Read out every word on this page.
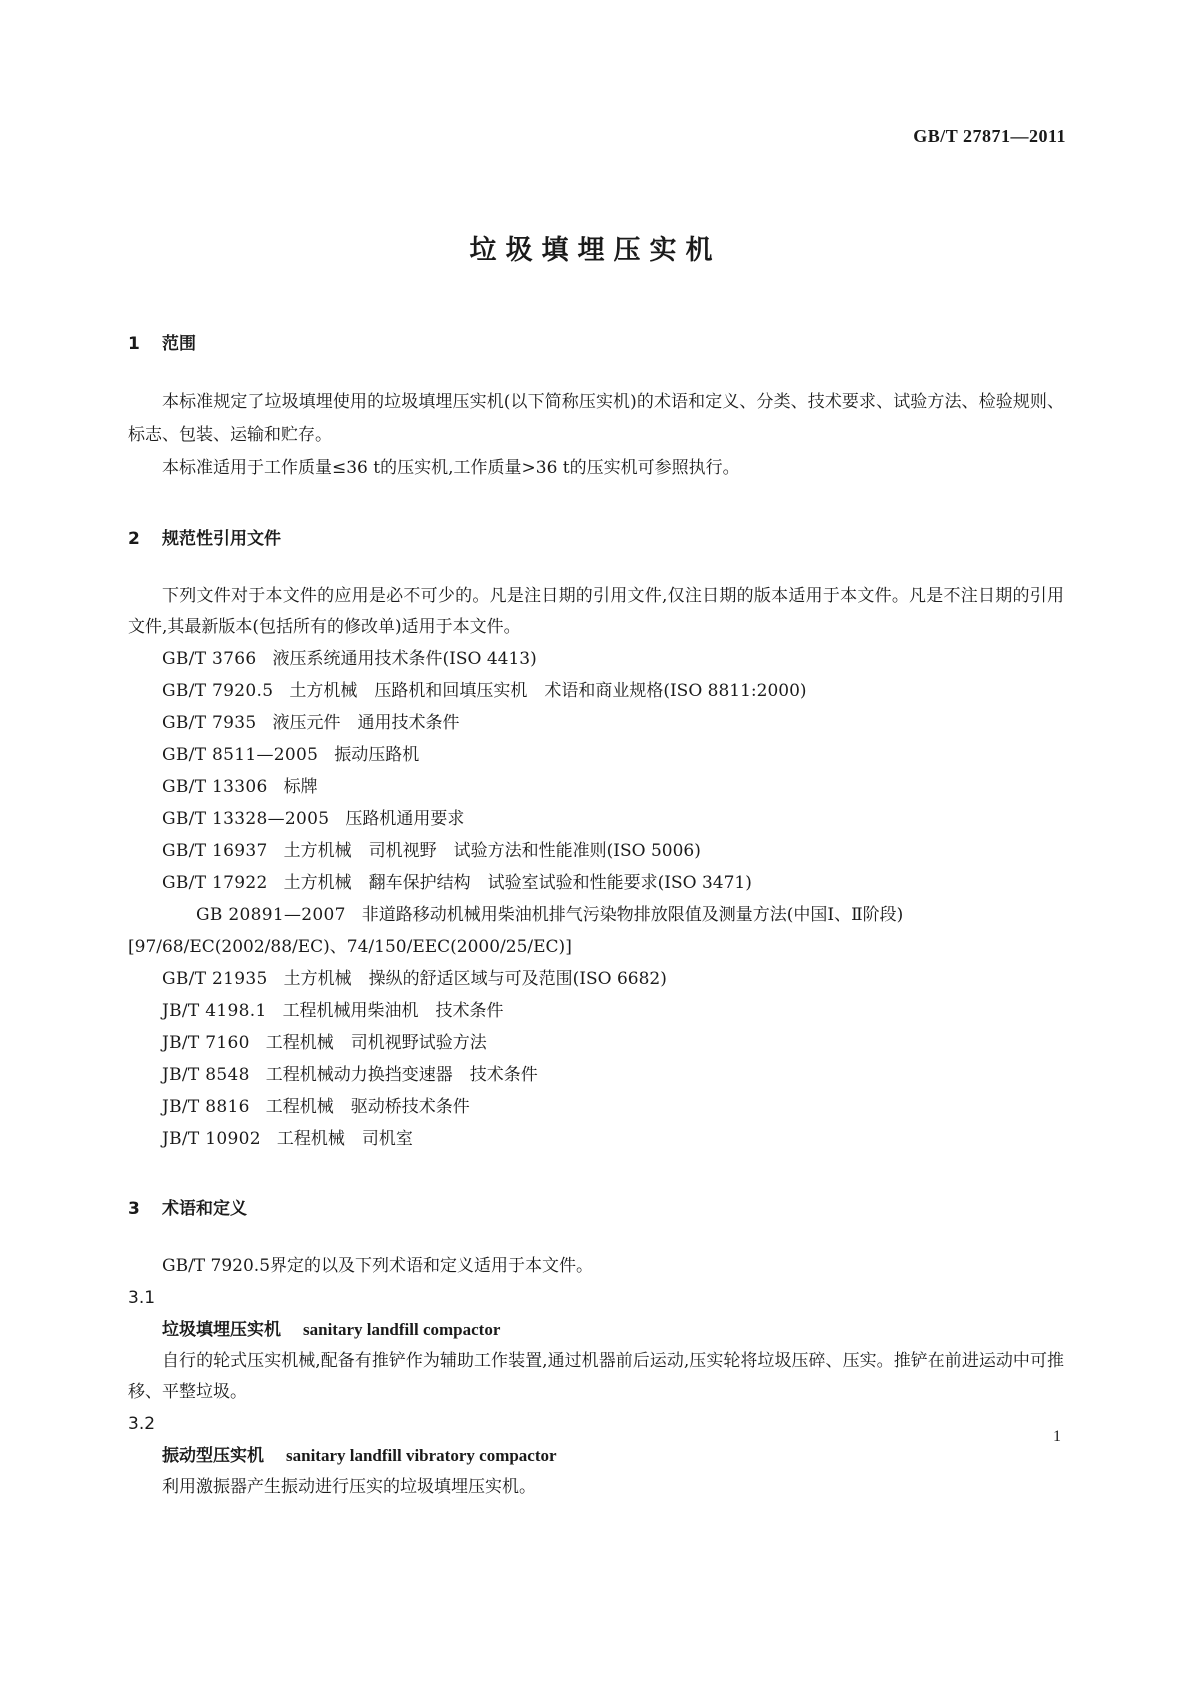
GB/T 27871—2011
垃圾填埋压实机
1 范围

本标准规定了垃圾填埋使用的垃圾填埋压实机(以下简称压实机)的术语和定义、分类、技术要求、试验方法、检验规则、标志、包装、运输和贮存。

本标准适用于工作质量≤36 t的压实机,工作质量>36 t的压实机可参照执行。

2 规范性引用文件

下列文件对于本文件的应用是必不可少的。凡是注日期的引用文件,仅注日期的版本适用于本文件。凡是不注日期的引用文件,其最新版本(包括所有的修改单)适用于本文件。

GB/T 3766 液压系统通用技术条件(ISO 4413)
GB/T 7920.5 土方机械　压路机和回填压实机　术语和商业规格(ISO 8811:2000)
GB/T 7935 液压元件　通用技术条件
GB/T 8511—2005 振动压路机
GB/T 13306 标牌
GB/T 13328—2005 压路机通用要求
GB/T 16937 土方机械　司机视野　试验方法和性能准则(ISO 5006)
GB/T 17922 土方机械　翻车保护结构　试验室试验和性能要求(ISO 3471)
GB 20891—2007 非道路移动机械用柴油机排气污染物排放限值及测量方法(中国Ⅰ、Ⅱ阶段)[97/68/EC(2002/88/EC)、74/150/EEC(2000/25/EC)]
GB/T 21935 土方机械　操纵的舒适区域与可及范围(ISO 6682)
JB/T 4198.1 工程机械用柴油机　技术条件
JB/T 7160 工程机械　司机视野试验方法
JB/T 8548 工程机械动力换挡变速器　技术条件
JB/T 8816 工程机械　驱动桥技术条件
JB/T 10902 工程机械　司机室
3 术语和定义

GB/T 7920.5界定的以及下列术语和定义适用于本文件。

3.1
垃圾填埋压实机 sanitary landfill compactor

自行的轮式压实机械,配备有推铲作为辅助工作装置,通过机器前后运动,压实轮将垃圾压碎、压实。推铲在前进运动中可推移、平整垃圾。

3.2
振动型压实机 sanitary landfill vibratory compactor

利用激振器产生振动进行压实的垃圾填埋压实机。

1
